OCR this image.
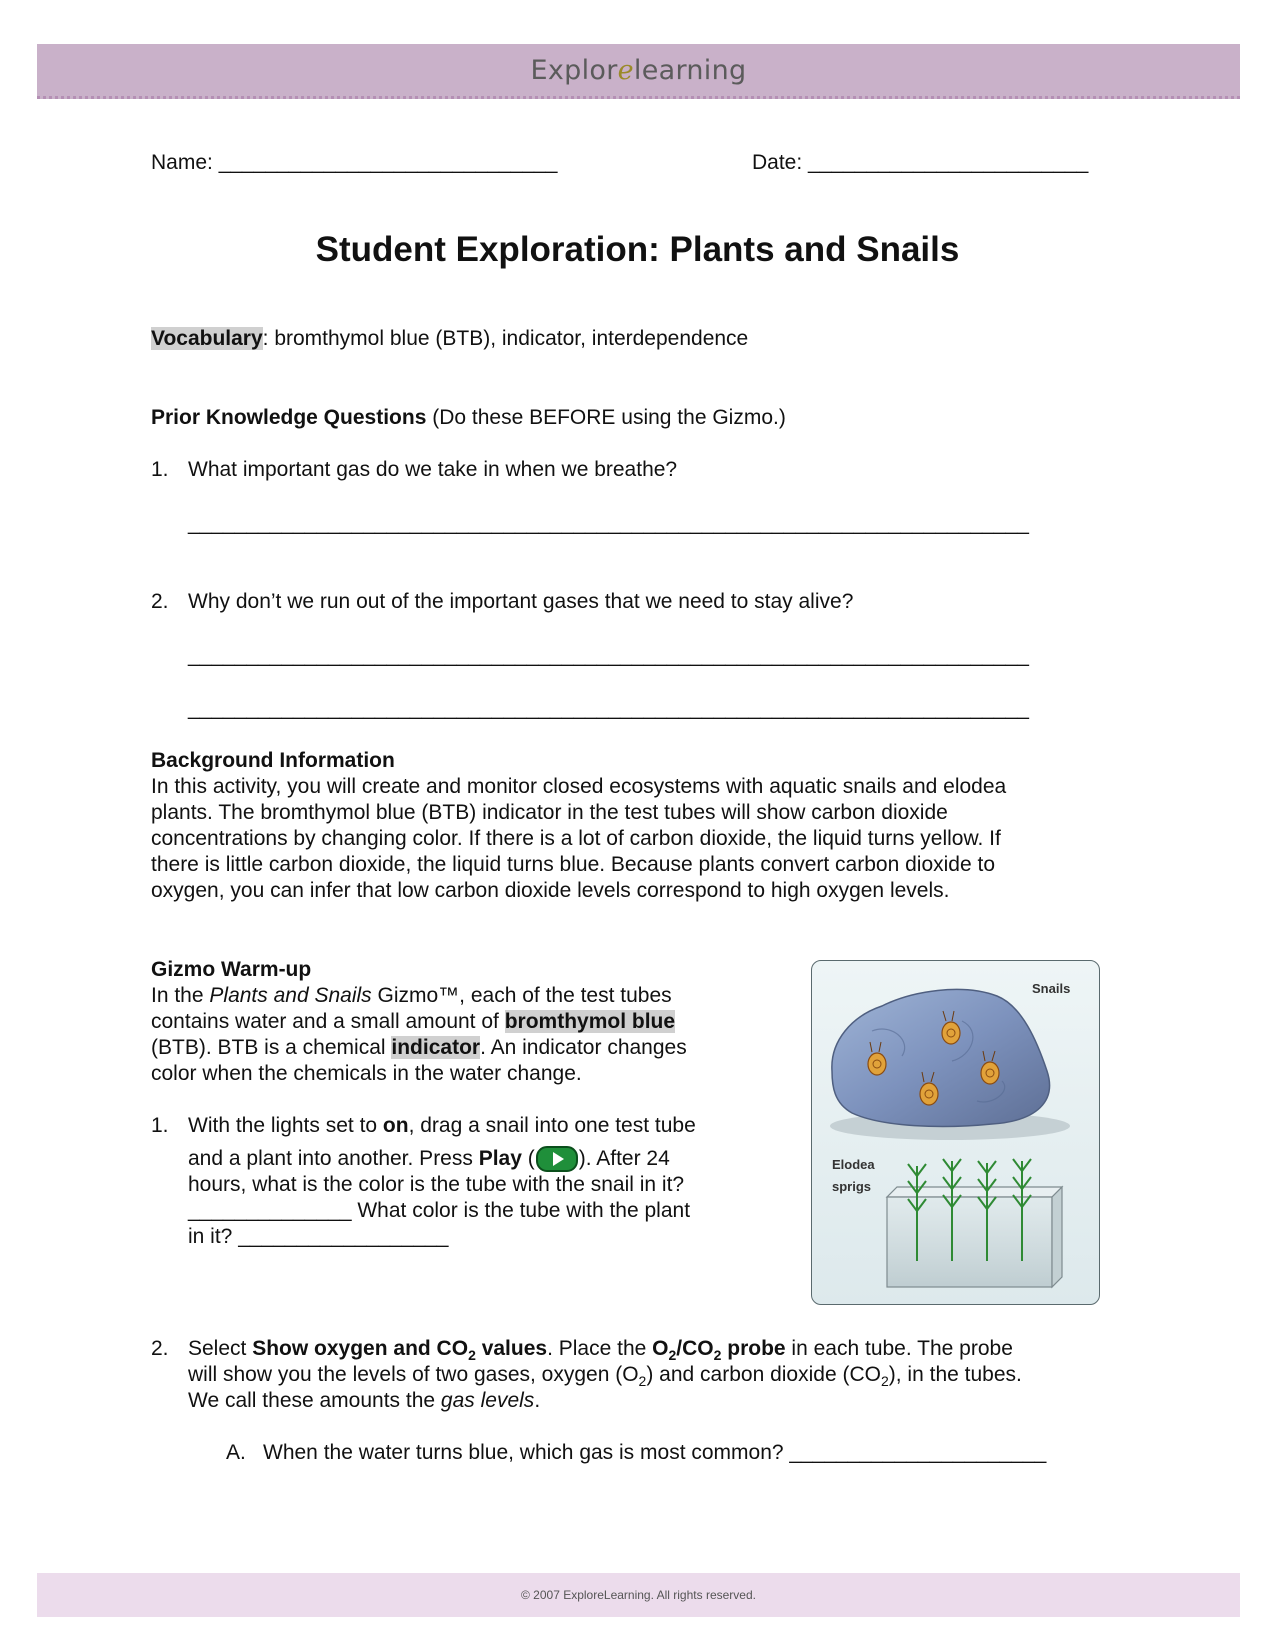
Explorelearning
Name: _____________________________	Date: ________________________
Student Exploration: Plants and Snails
Vocabulary: bromthymol blue (BTB), indicator, interdependence
Prior Knowledge Questions (Do these BEFORE using the Gizmo.)
1. What important gas do we take in when we breathe?
________________________________________________________________________
2. Why don’t we run out of the important gases that we need to stay alive?
________________________________________________________________________
________________________________________________________________________
Background Information
In this activity, you will create and monitor closed ecosystems with aquatic snails and elodea
plants. The bromthymol blue (BTB) indicator in the test tubes will show carbon dioxide
concentrations by changing color. If there is a lot of carbon dioxide, the liquid turns yellow. If
there is little carbon dioxide, the liquid turns blue. Because plants convert carbon dioxide to
oxygen, you can infer that low carbon dioxide levels correspond to high oxygen levels.
Gizmo Warm-up
In the Plants and Snails Gizmo™, each of the test tubes
contains water and a small amount of bromthymol blue
(BTB). BTB is a chemical indicator. An indicator changes
color when the chemicals in the water change.
1. With the lights set to on, drag a snail into one test tube
and a plant into another. Press Play ( ). After 24
hours, what is the color is the tube with the snail in it?
______________ What color is the tube with the plant
in it? __________________
Snails
Elodea
sprigs
2. Select Show oxygen and $CO_2$ values. Place the $O_2/CO_2$ probe in each tube. The probe
will show you the levels of two gases, oxygen $(O_2)$ and carbon dioxide $(CO_2)$, in the tubes.
We call these amounts the gas levels.
A. When the water turns blue, which gas is most common? ______________________
© 2007 ExploreLearning. All rights reserved.
